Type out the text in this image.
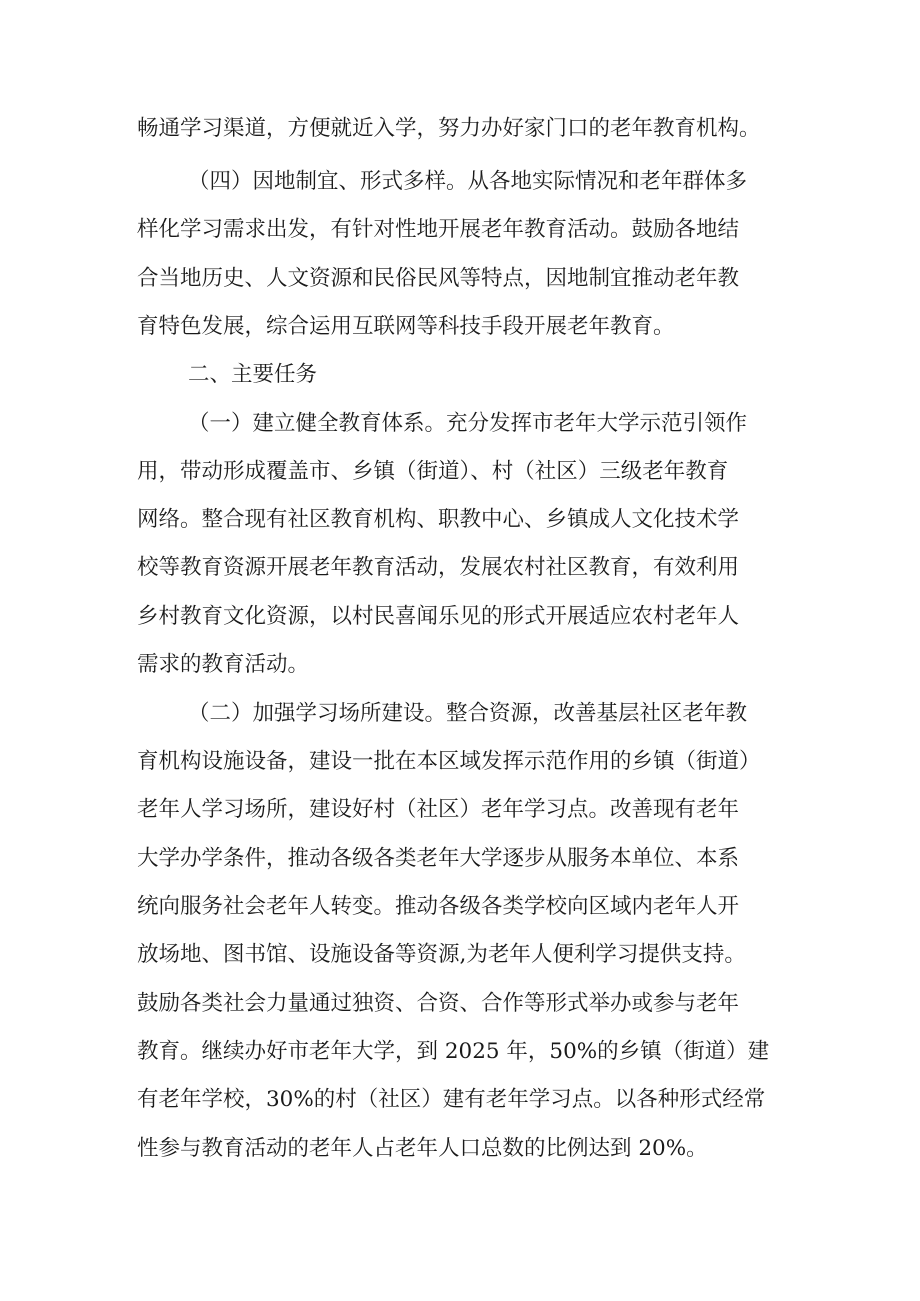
畅通学习渠道，方便就近入学，努力办好家门口的老年教育机构。
（四）因地制宜、形式多样。从各地实际情况和老年群体多
样化学习需求出发，有针对性地开展老年教育活动。鼓励各地结
合当地历史、人文资源和民俗民风等特点，因地制宜推动老年教
育特色发展，综合运用互联网等科技手段开展老年教育。
二、主要任务
（一）建立健全教育体系。充分发挥市老年大学示范引领作
用，带动形成覆盖市、乡镇（街道）、村（社区）三级老年教育
网络。整合现有社区教育机构、职教中心、乡镇成人文化技术学
校等教育资源开展老年教育活动，发展农村社区教育，有效利用
乡村教育文化资源，以村民喜闻乐见的形式开展适应农村老年人
需求的教育活动。
（二）加强学习场所建设。整合资源，改善基层社区老年教
育机构设施设备，建设一批在本区域发挥示范作用的乡镇（街道）
老年人学习场所，建设好村（社区）老年学习点。改善现有老年
大学办学条件，推动各级各类老年大学逐步从服务本单位、本系
统向服务社会老年人转变。推动各级各类学校向区域内老年人开
放场地、图书馆、设施设备等资源,为老年人便利学习提供支持。
鼓励各类社会力量通过独资、合资、合作等形式举办或参与老年
教育。继续办好市老年大学，到 2025 年，50%的乡镇（街道）建
有老年学校，30%的村（社区）建有老年学习点。以各种形式经常
性参与教育活动的老年人占老年人口总数的比例达到 20%。
